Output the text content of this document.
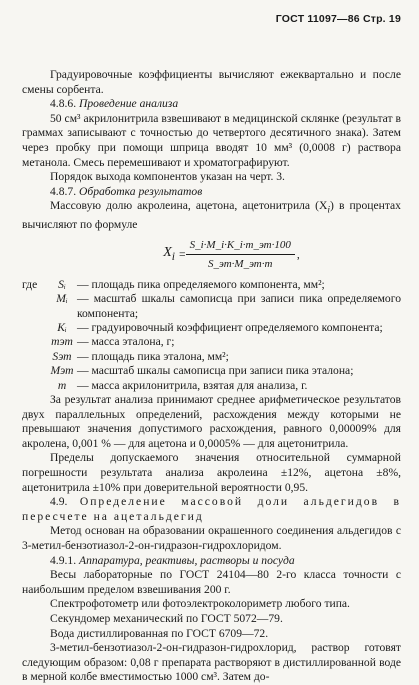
ГОСТ 11097—86 Стр. 19

Градуировочные коэффициенты вычисляют ежеквартально и после смены сорбента.

4.8.6. Проведение анализа

50 см³ акрилонитрила взвешивают в медицинской склянке (результат в граммах записывают с точностью до четвертого десятичного знака). Затем через пробку при помощи шприца вводят 10 мм³ (0,0008 г) раствора метанола. Смесь перемешивают и хроматографируют.

Порядок выхода компонентов указан на черт. 3.

4.8.7. Обработка результатов

Массовую долю акролеина, ацетона, ацетонитрила $(X_i)$ в процентах вычисляют по формуле

$X_i = \frac{S\_i\cdot M\_i\cdot K\_i\cdot m\_эт\cdot 100}{S\_эт\cdot M\_эт\cdot m}$ ,
где	Sᵢ	— площадь пика определяемого компонента, мм²;
	Mᵢ	— масштаб шкалы самописца при записи пика определяемого компонента;
	Kᵢ	— градуировочный коэффициент определяемого компонента;
	mэт	— масса эталона, г;
	Sэт	— площадь пика эталона, мм²;
	Mэт	— масштаб шкалы самописца при записи пика эталона;
	m	— масса акрилонитрила, взятая для анализа, г.

За результат анализа принимают среднее арифметическое результатов двух параллельных определений, расхождения между которыми не превышают значения допустимого расхождения, равного 0,00009% для акролена, 0,001 % — для ацетона и 0,0005% — для ацетонитрила.

Пределы допускаемого значения относительной суммарной погрешности результата анализа акролеина ±12%, ацетона ±8%, ацетонитрила ±10% при доверительной вероятности 0,95.

4.9. Определение массовой доли альдегидов в пересчете на ацетальдегид

Метод основан на образовании окрашенного соединения альдегидов с 3-метил-бензотиазол-2-он-гидразон-гидрохлоридом.

4.9.1. Аппаратура, реактивы, растворы и посуда

Весы лабораторные по ГОСТ 24104—80 2-го класса точности с наибольшим пределом взвешивания 200 г.

Спектрофотометр или фотоэлектроколориметр любого типа.

Секундомер механический по ГОСТ 5072—79.

Вода дистиллированная по ГОСТ 6709—72.

3-метил-бензотиазол-2-он-гидразон-гидрохлорид, раствор готовят следующим образом: 0,08 г препарата растворяют в дистиллированной воде в мерной колбе вместимостью 1000 см³. Затем до-
